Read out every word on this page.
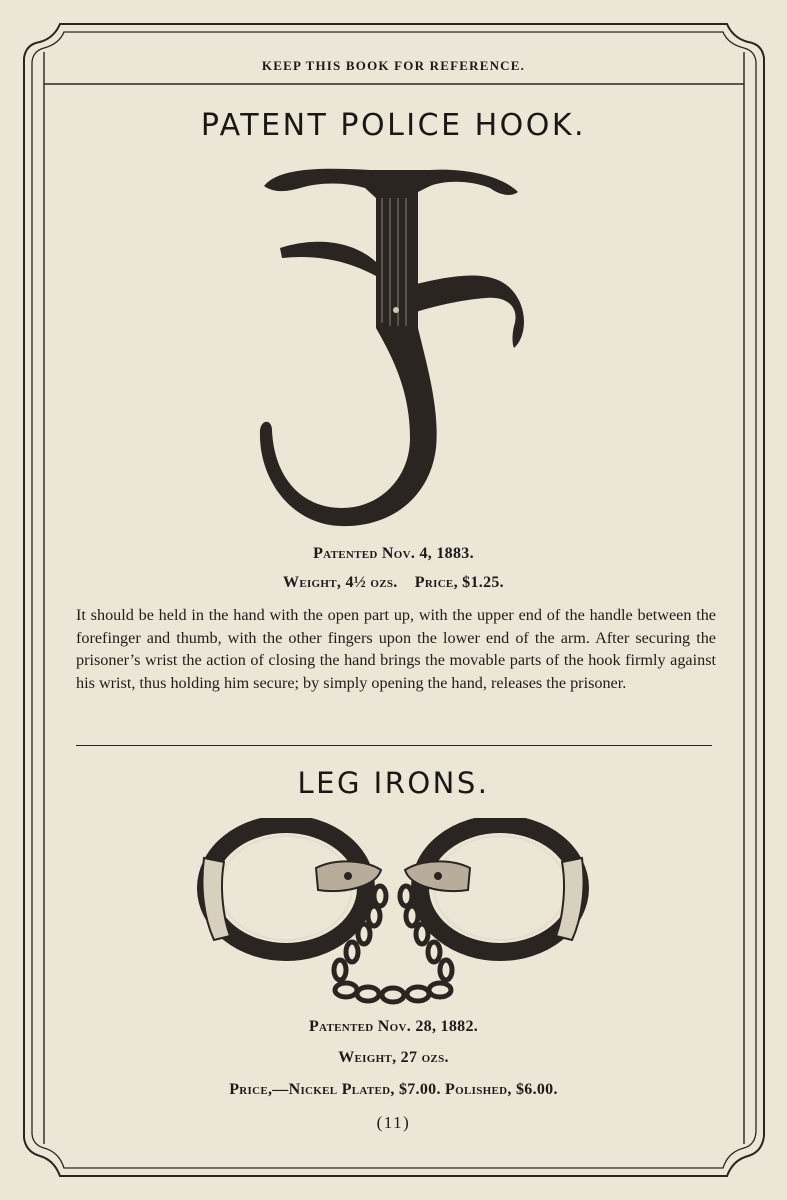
KEEP THIS BOOK FOR REFERENCE.
PATENT POLICE HOOK.
Patented Nov. 4, 1883.
Weight, 4½ ozs.    Price, $1.25.
It should be held in the hand with the open part up, with the upper end of the handle between the forefinger and thumb, with the other fingers upon the lower end of the arm. After securing the prisoner’s wrist the action of closing the hand brings the movable parts of the hook firmly against his wrist, thus holding him secure; by simply opening the hand, releases the prisoner.
LEG IRONS.
Patented Nov. 28, 1882.
Weight, 27 ozs.
Price,—Nickel Plated, $7.00. Polished, $6.00.
(11)
